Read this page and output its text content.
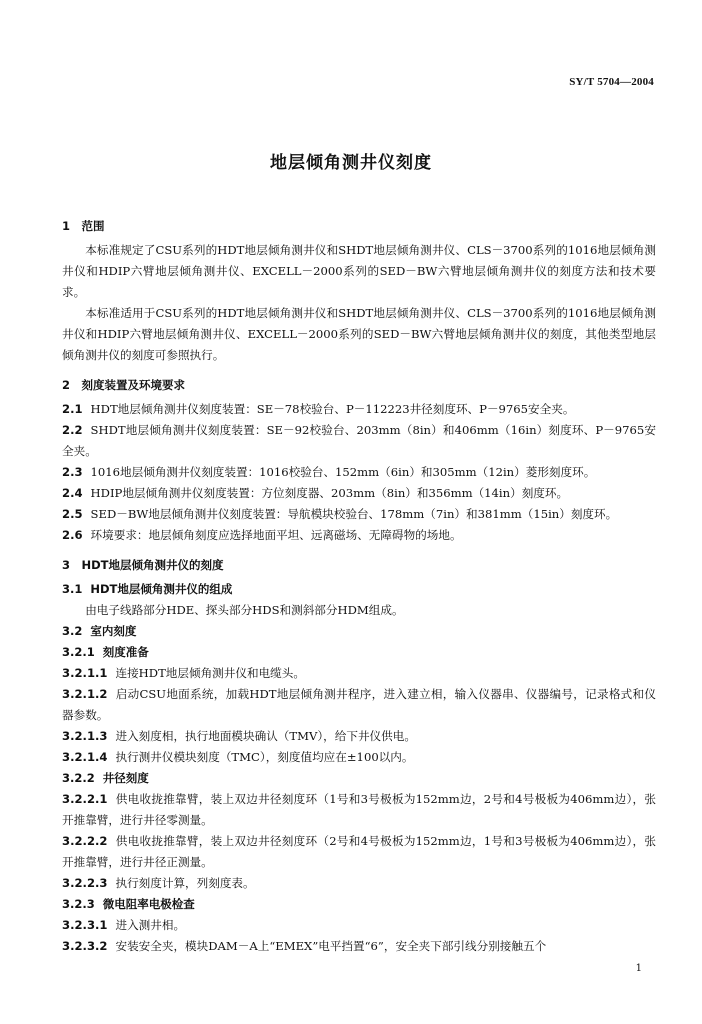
SY/T 5704—2004
地层倾角测井仪刻度
1　范围
本标准规定了CSU系列的HDT地层倾角测井仪和SHDT地层倾角测井仪、CLS－3700系列的1016地层倾角测井仪和HDIP六臂地层倾角测井仪、EXCELL－2000系列的SED－BW六臂地层倾角测井仪的刻度方法和技术要求。
本标准适用于CSU系列的HDT地层倾角测井仪和SHDT地层倾角测井仪、CLS－3700系列的1016地层倾角测井仪和HDIP六臂地层倾角测井仪、EXCELL－2000系列的SED－BW六臂地层倾角测井仪的刻度，其他类型地层倾角测井仪的刻度可参照执行。
2　刻度装置及环境要求
2.1 HDT地层倾角测井仪刻度装置：SE－78校验台、P－112223井径刻度环、P－9765安全夹。
2.2 SHDT地层倾角测井仪刻度装置：SE－92校验台、203mm（8in）和406mm（16in）刻度环、P－9765安全夹。
2.3 1016地层倾角测井仪刻度装置：1016校验台、152mm（6in）和305mm（12in）菱形刻度环。
2.4 HDIP地层倾角测井仪刻度装置：方位刻度器、203mm（8in）和356mm（14in）刻度环。
2.5 SED－BW地层倾角测井仪刻度装置：导航模块校验台、178mm（7in）和381mm（15in）刻度环。
2.6 环境要求：地层倾角刻度应选择地面平坦、远离磁场、无障碍物的场地。
3　HDT地层倾角测井仪的刻度
3.1 HDT地层倾角测井仪的组成
由电子线路部分HDE、探头部分HDS和测斜部分HDM组成。
3.2 室内刻度
3.2.1 刻度准备
3.2.1.1 连接HDT地层倾角测井仪和电缆头。
3.2.1.2 启动CSU地面系统，加载HDT地层倾角测井程序，进入建立相，输入仪器串、仪器编号，记录格式和仪器参数。
3.2.1.3 进入刻度相，执行地面模块确认（TMV），给下井仪供电。
3.2.1.4 执行测井仪模块刻度（TMC），刻度值均应在±100以内。
3.2.2 井径刻度
3.2.2.1 供电收拢推靠臂，装上双边井径刻度环（1号和3号极板为152mm边，2号和4号极板为406mm边），张开推靠臂，进行井径零测量。
3.2.2.2 供电收拢推靠臂，装上双边井径刻度环（2号和4号极板为152mm边，1号和3号极板为406mm边），张开推靠臂，进行井径正测量。
3.2.2.3 执行刻度计算，列刻度表。
3.2.3 微电阻率电极检查
3.2.3.1 进入测井相。
3.2.3.2 安装安全夹，模块DAM－A上“EMEX”电平挡置“6”，安全夹下部引线分别接触五个
1
